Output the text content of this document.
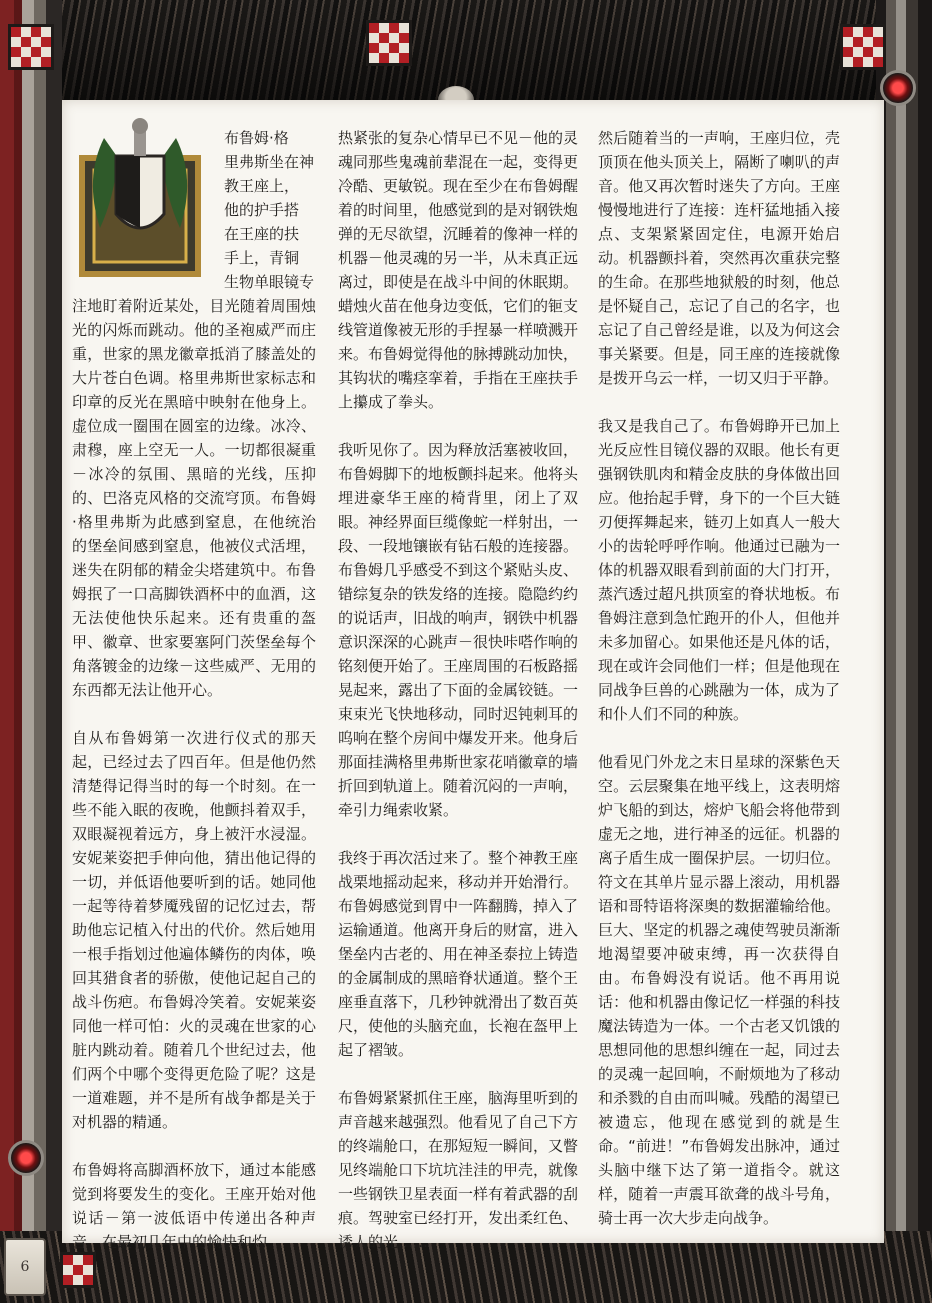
布鲁姆·格
里弗斯坐在神
教王座上，
他的护手搭
在王座的扶
手上，青铜
生物单眼镜专
注地盯着附近某处，目光随着周围烛光的闪烁而跳动。他的圣袍威严而庄重，世家的黑龙徽章抵消了膝盖处的大片苍白色调。格里弗斯世家标志和印章的反光在黑暗中映射在他身上。虚位成一圈围在圆室的边缘。冰冷、肃穆，座上空无一人。一切都很凝重－冰冷的氛围、黑暗的光线，压抑的、巴洛克风格的交流穹顶。布鲁姆·格里弗斯为此感到窒息，在他统治的堡垒间感到窒息，他被仪式活埋，迷失在阴郁的精金尖塔建筑中。布鲁姆抿了一口高脚铁酒杯中的血酒，这无法使他快乐起来。还有贵重的盔甲、徽章、世家要塞阿门茨堡垒每个角落镀金的边缘－这些威严、无用的东西都无法让他开心。

自从布鲁姆第一次进行仪式的那天起，已经过去了四百年。但是他仍然清楚得记得当时的每一个时刻。在一些不能入眠的夜晚，他颤抖着双手，双眼凝视着远方，身上被汗水浸湿。安妮莱姿把手伸向他，猜出他记得的一切，并低语他要听到的话。她同他一起等待着梦魇残留的记忆过去，帮助他忘记植入付出的代价。然后她用一根手指划过他遍体鳞伤的肉体，唤回其猎食者的骄傲，使他记起自己的战斗伤疤。布鲁姆冷笑着。安妮莱姿同他一样可怕：火的灵魂在世家的心脏内跳动着。随着几个世纪过去，他们两个中哪个变得更危险了呢？这是一道难题，并不是所有战争都是关于对机器的精通。

布鲁姆将高脚酒杯放下，通过本能感觉到将要发生的变化。王座开始对他说话－第一波低语中传递出各种声音。在最初几年中的愉快和灼

热紧张的复杂心情早已不见－他的灵魂同那些鬼魂前辈混在一起，变得更冷酷、更敏锐。现在至少在布鲁姆醒着的时间里，他感觉到的是对钢铁炮弹的无尽欲望，沉睡着的像神一样的机器－他灵魂的另一半，从未真正远离过，即使是在战斗中间的休眠期。蜡烛火苗在他身边变低，它们的钷支线管道像被无形的手捏暴一样喷溅开来。布鲁姆觉得他的脉搏跳动加快，其钩状的嘴痉挛着，手指在王座扶手上攥成了拳头。

我听见你了。因为释放活塞被收回，布鲁姆脚下的地板颤抖起来。他将头埋进豪华王座的椅背里，闭上了双眼。神经界面巨缆像蛇一样射出，一段、一段地镶嵌有钻石般的连接器。布鲁姆几乎感受不到这个紧贴头皮、错综复杂的铁发络的连接。隐隐约约的说话声，旧战的响声，钢铁中机器意识深深的心跳声－很快咔嗒作响的铭刻便开始了。王座周围的石板路摇晃起来，露出了下面的金属铰链。一束束光飞快地移动，同时迟钝刺耳的呜响在整个房间中爆发开来。他身后那面挂满格里弗斯世家花哨徽章的墙折回到轨道上。随着沉闷的一声响，牵引力绳索收紧。

我终于再次活过来了。整个神教王座战栗地摇动起来，移动并开始滑行。布鲁姆感觉到胃中一阵翻腾，掉入了运输通道。他离开身后的财富，进入堡垒内古老的、用在神圣泰拉上铸造的金属制成的黑暗脊状通道。整个王座垂直落下，几秒钟就滑出了数百英尺，使他的头脑充血，长袍在盔甲上起了褶皱。

布鲁姆紧紧抓住王座，脑海里听到的声音越来越强烈。他看见了自己下方的终端舱口，在那短短一瞬间，又瞥见终端舱口下坑坑洼洼的甲壳，就像一些钢铁卫星表面一样有着武器的刮痕。驾驶室已经打开，发出柔红色、诱人的光……

然后随着当的一声响，王座归位，壳顶顶在他头顶关上，隔断了喇叭的声音。他又再次暂时迷失了方向。王座慢慢地进行了连接：连杆猛地插入接点、支架紧紧固定住，电源开始启动。机器颤抖着，突然再次重获完整的生命。在那些地狱般的时刻，他总是怀疑自己，忘记了自己的名字，也忘记了自己曾经是谁，以及为何这会事关紧要。但是，同王座的连接就像是拨开乌云一样，一切又归于平静。

我又是我自己了。布鲁姆睁开已加上光反应性目镜仪器的双眼。他长有更强钢铁肌肉和精金皮肤的身体做出回应。他抬起手臂，身下的一个巨大链刃便挥舞起来，链刃上如真人一般大小的齿轮呼呼作响。他通过已融为一体的机器双眼看到前面的大门打开，蒸汽透过超凡拱顶室的脊状地板。布鲁姆注意到急忙跑开的仆人，但他并未多加留心。如果他还是凡体的话，现在或许会同他们一样；但是他现在同战争巨兽的心跳融为一体，成为了和仆人们不同的种族。

他看见门外龙之末日星球的深紫色天空。云层聚集在地平线上，这表明熔炉飞船的到达，熔炉飞船会将他带到虚无之地，进行神圣的远征。机器的离子盾生成一圈保护层。一切归位。符文在其单片显示器上滚动，用机器语和哥特语将深奥的数据灌输给他。巨大、坚定的机器之魂使驾驶员渐渐地渴望要冲破束缚，再一次获得自由。布鲁姆没有说话。他不再用说话：他和机器由像记忆一样强的科技魔法铸造为一体。一个古老又饥饿的思想同他的思想纠缠在一起，同过去的灵魂一起回响，不耐烦地为了移动和杀戮的自由而叫喊。残酷的渴望已被遗忘，他现在感觉到的就是生命。“前进！”布鲁姆发出脉冲，通过头脑中继下达了第一道指令。就这样，随着一声震耳欲聋的战斗号角，骑士再一次大步走向战争。

6
